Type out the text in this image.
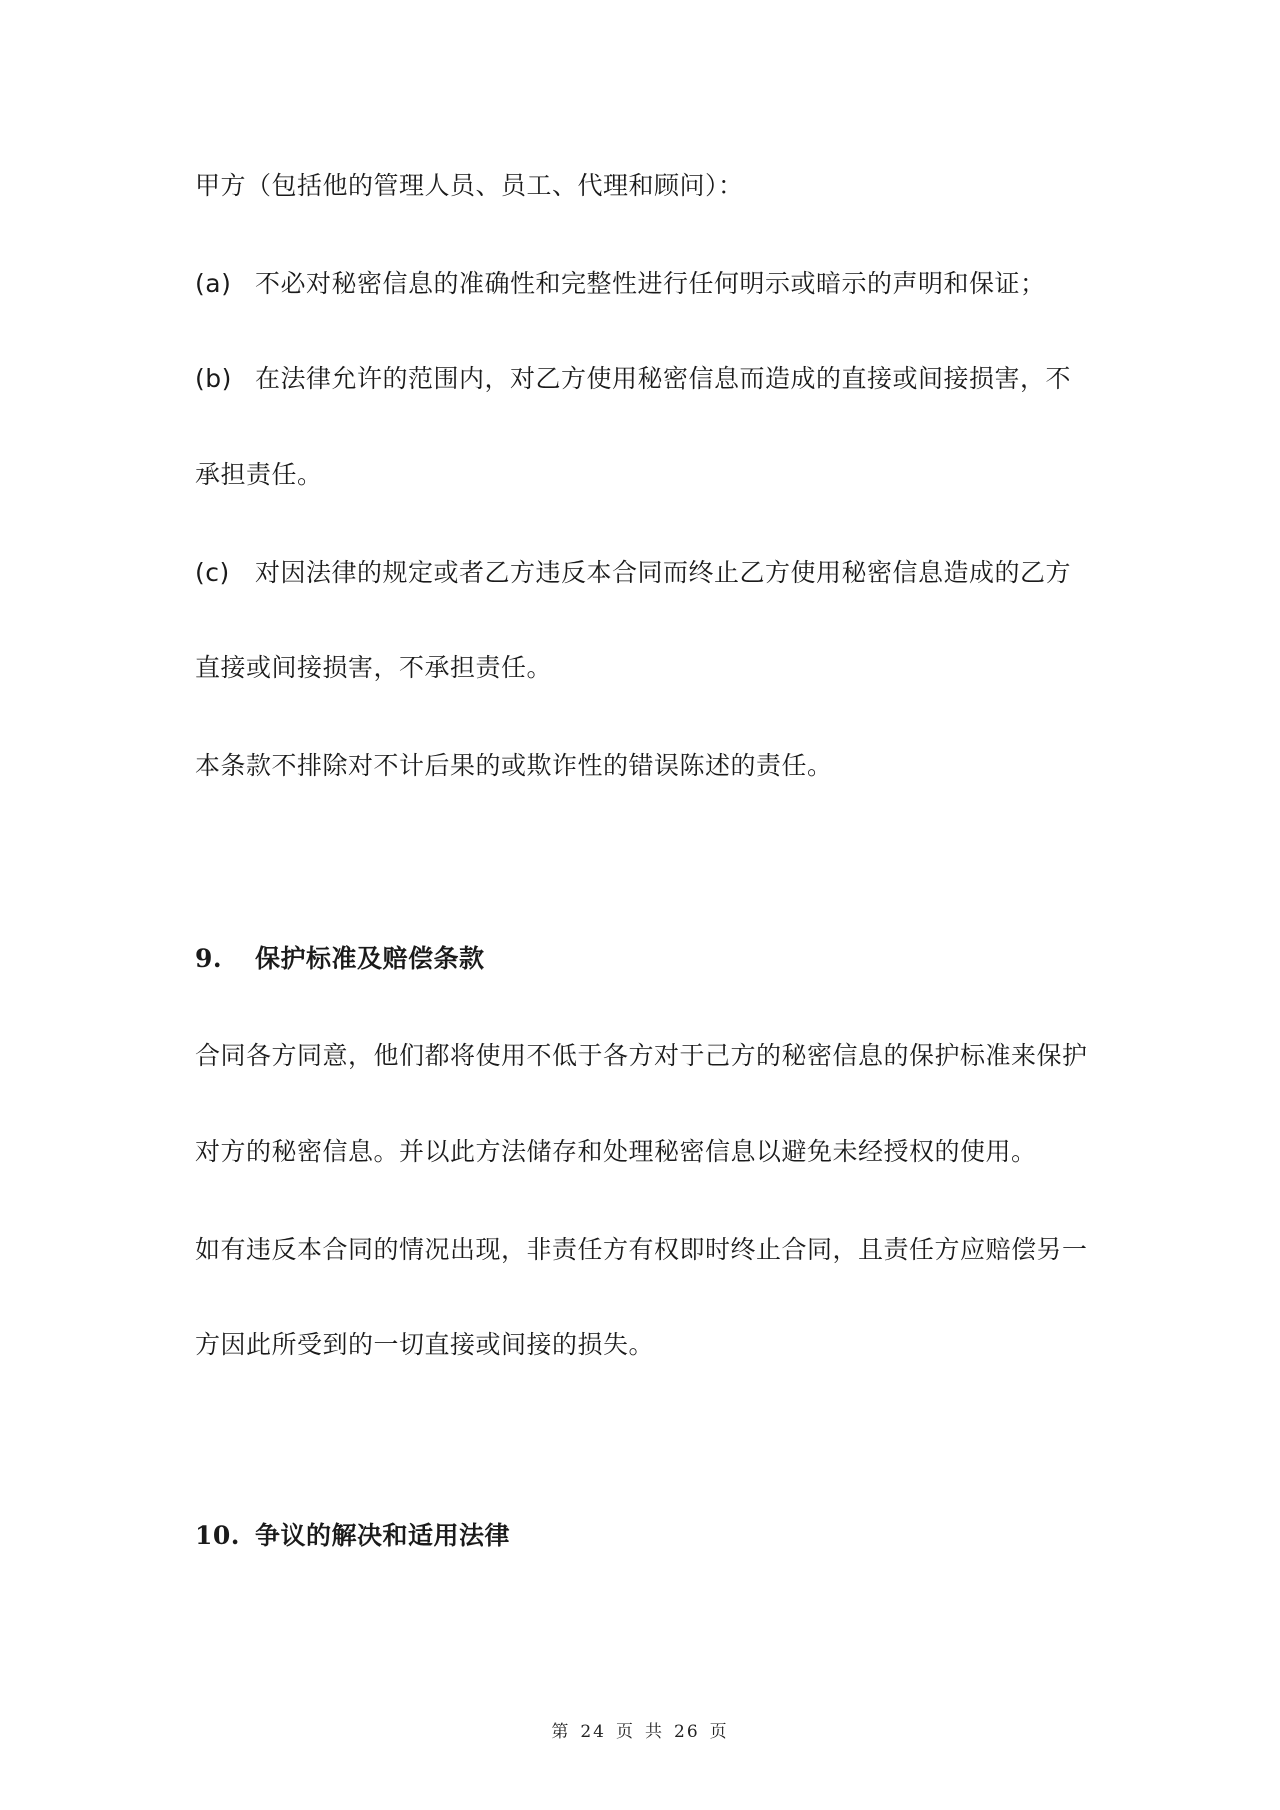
甲方（包括他的管理人员、员工、代理和顾问）：
(a) 不必对秘密信息的准确性和完整性进行任何明示或暗示的声明和保证；
(b) 在法律允许的范围内，对乙方使用秘密信息而造成的直接或间接损害，不
承担责任。
(c) 对因法律的规定或者乙方违反本合同而终止乙方使用秘密信息造成的乙方
直接或间接损害，不承担责任。
本条款不排除对不计后果的或欺诈性的错误陈述的责任。
9. 保护标准及赔偿条款
合同各方同意，他们都将使用不低于各方对于己方的秘密信息的保护标准来保护
对方的秘密信息。并以此方法储存和处理秘密信息以避免未经授权的使用。
如有违反本合同的情况出现，非责任方有权即时终止合同，且责任方应赔偿另一
方因此所受到的一切直接或间接的损失。
10. 争议的解决和适用法律
第 24 页 共 26 页
